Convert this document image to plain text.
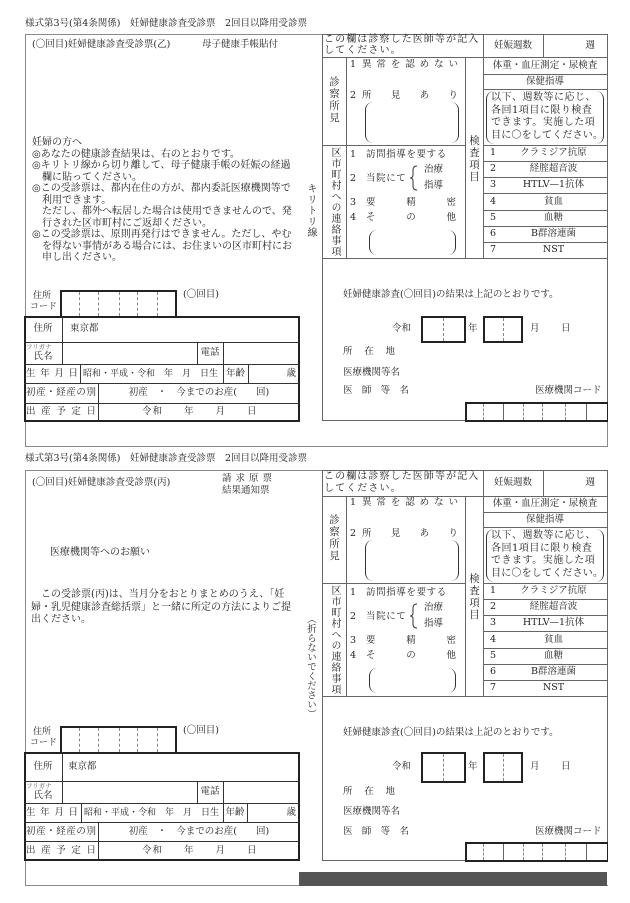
様式第3号(第4条関係)　妊婦健康診査受診票　2回目以降用受診票
(〇回目)妊婦健康診査受診票(乙)	母子健康手帳貼付
妊婦の方へ
◎あなたの健康診査結果は、右のとおりです。
◎キリトリ線から切り離して、母子健康手帳の妊娠の経過
　欄に貼ってください。
◎この受診票は、都内在住の方が、都内委託医療機関等で
　利用できます。
　ただし、都外へ転居した場合は使用できませんので、発
　行された区市町村にご返却ください。
◎この受診票は、原則再発行はできません。ただし、やむ
　を得ない事情がある場合には、お住まいの区市町村にお
　申し出ください。
キリトリ線
住所
コード
(〇回目)
住所	東京都
フリガナ
氏名	電話
生年月日 昭和・平成・令和　年　月　日生 年齢	歳
初産・経産の別	初産　・　今までのお産(　　回)
出産予定日	令和　　年　　月　　日
この欄は診察した医師等が記入
してください。	妊娠週数	週
体重・血圧測定・尿検査
保健指導
以下、週数等に応じ、
各回1項目に限り検査
できます。実施した項
目に〇をしてください。
診察所見
1 異常を認めない
2 所見あり
区市町村への連絡事項 1 訪問指導を要する
2 当院にて
治療
指導
3 要精密
4 その他
検査項目 1	クラミジア抗原
2	経腟超音波
3	HTLV—1抗体
4	貧血
5	血糖
6	B群溶連菌
7	NST
妊婦健康診査(〇回目)の結果は上記のとおりです。
令和	年	月 日
所在地
医療機関等名
医師等名	医療機関コード
様式第3号(第4条関係)　妊婦健康診査受診票　2回目以降用受診票
(〇回目)妊婦健康診査受診票(丙)	請求原票
結果通知票
医療機関等へのお願い
　この受診票(丙)は、当月分をおとりまとめのうえ、「妊
婦・乳児健康診査総括票」と一緒に所定の方法によりご提
出ください。	（折らないでください）
住所
コード
(〇回目)
住所	東京都
フリガナ
氏名	電話
生年月日 昭和・平成・令和　年　月　日生 年齢	歳
初産・経産の別	初産　・　今までのお産(　　回)
出産予定日	令和　　年　　月　　日
この欄は診察した医師等が記入
してください。
妊娠週数	週
体重・血圧測定・尿検査
保健指導
以下、週数等に応じ、
各回1項目に限り検査
できます。実施した項
目に〇をしてください。
診察所見
1 異常を認めない
2 所見あり
区市町村への連絡事項 1 訪問指導を要する
2 当院にて
治療
指導
3 要精密
4 その他
検査項目 1	クラミジア抗原
2	経腟超音波
3	HTLV—1抗体
4	貧血
5	血糖
6	B群溶連菌
7	NST
妊婦健康診査(〇回目)の結果は上記のとおりです。
令和	年	月 日
所在地
医療機関等名
医師等名	医療機関コード
